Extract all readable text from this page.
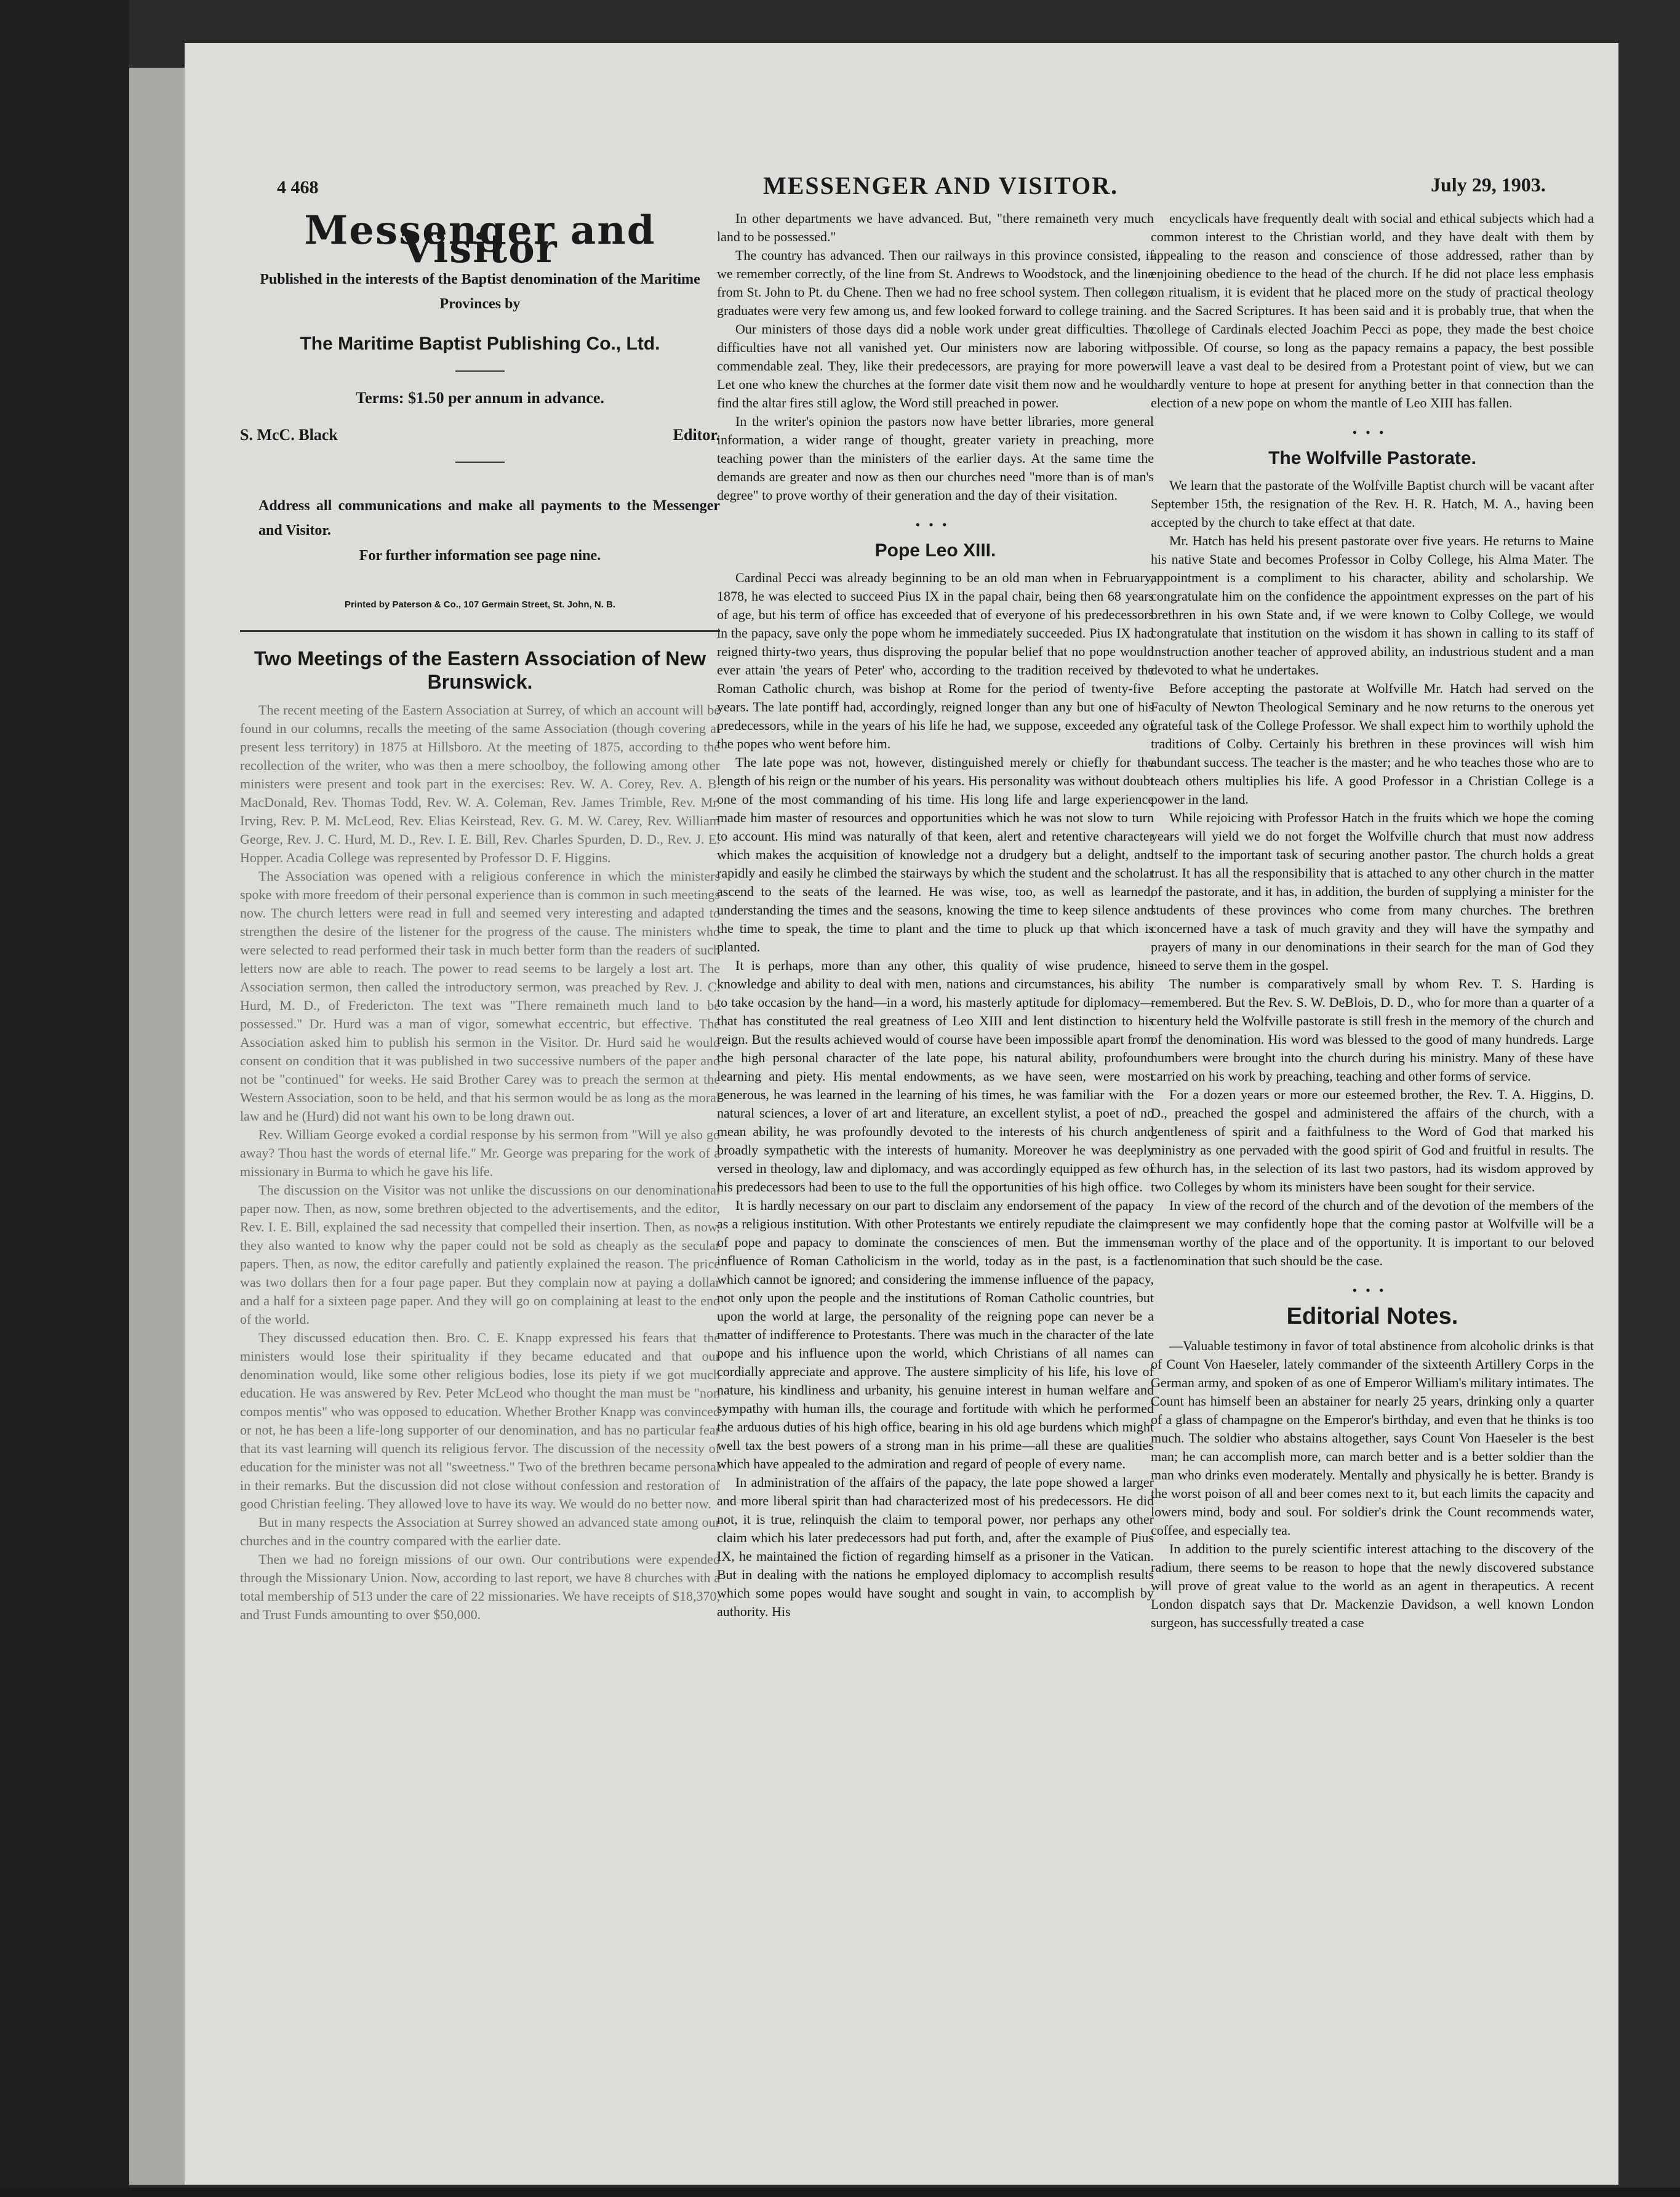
4 468	MESSENGER AND VISITOR.	July 29, 1903.
Messenger and Visitor
Published in the interests of the Baptist denomination of the Maritime Provinces by
The Maritime Baptist Publishing Co., Ltd.
Terms: $1.50 per annum in advance.
S. McC. Black	Editor.
Address all communications and make all payments to the Messenger and Visitor.
For further information see page nine.
Printed by Paterson & Co., 107 Germain Street, St. John, N. B.
Two Meetings of the Eastern Association of New Brunswick.

The recent meeting of the Eastern Association at Surrey, of which an account will be found in our columns, recalls the meeting of the same Association (though covering at present less territory) in 1875 at Hillsboro. At the meeting of 1875, according to the recollection of the writer, who was then a mere schoolboy, the following among other ministers were present and took part in the exercises: Rev. W. A. Corey, Rev. A. B. MacDonald, Rev. Thomas Todd, Rev. W. A. Coleman, Rev. James Trimble, Rev. Mr. Irving, Rev. P. M. McLeod, Rev. Elias Keirstead, Rev. G. M. W. Carey, Rev. William George, Rev. J. C. Hurd, M. D., Rev. I. E. Bill, Rev. Charles Spurden, D. D., Rev. J. E. Hopper. Acadia College was represented by Professor D. F. Higgins.

The Association was opened with a religious conference in which the ministers spoke with more freedom of their personal experience than is common in such meetings now. The church letters were read in full and seemed very interesting and adapted to strengthen the desire of the listener for the progress of the cause. The ministers who were selected to read performed their task in much better form than the readers of such letters now are able to reach. The power to read seems to be largely a lost art. The Association sermon, then called the introductory sermon, was preached by Rev. J. C. Hurd, M. D., of Fredericton. The text was "There remaineth much land to be possessed." Dr. Hurd was a man of vigor, somewhat eccentric, but effective. The Association asked him to publish his sermon in the Visitor. Dr. Hurd said he would consent on condition that it was published in two successive numbers of the paper and not be "continued" for weeks. He said Brother Carey was to preach the sermon at the Western Association, soon to be held, and that his sermon would be as long as the moral law and he (Hurd) did not want his own to be long drawn out.

Rev. William George evoked a cordial response by his sermon from "Will ye also go away? Thou hast the words of eternal life." Mr. George was preparing for the work of a missionary in Burma to which he gave his life.

The discussion on the Visitor was not unlike the discussions on our denominational paper now. Then, as now, some brethren objected to the advertisements, and the editor, Rev. I. E. Bill, explained the sad necessity that compelled their insertion. Then, as now, they also wanted to know why the paper could not be sold as cheaply as the secular papers. Then, as now, the editor carefully and patiently explained the reason. The price was two dollars then for a four page paper. But they complain now at paying a dollar and a half for a sixteen page paper. And they will go on complaining at least to the end of the world.

They discussed education then. Bro. C. E. Knapp expressed his fears that the ministers would lose their spirituality if they became educated and that our denomination would, like some other religious bodies, lose its piety if we got much education. He was answered by Rev. Peter McLeod who thought the man must be "non compos mentis" who was opposed to education. Whether Brother Knapp was convinced or not, he has been a life-long supporter of our denomination, and has no particular fear that its vast learning will quench its religious fervor. The discussion of the necessity of education for the minister was not all "sweetness." Two of the brethren became personal in their remarks. But the discussion did not close without confession and restoration of good Christian feeling. They allowed love to have its way. We would do no better now.

But in many respects the Association at Surrey showed an advanced state among our churches and in the country compared with the earlier date.

Then we had no foreign missions of our own. Our contributions were expended through the Missionary Union. Now, according to last report, we have 8 churches with a total membership of 513 under the care of 22 missionaries. We have receipts of $18,370, and Trust Funds amounting to over $50,000.

In other departments we have advanced. But, "there remaineth very much land to be possessed."

The country has advanced. Then our railways in this province consisted, if we remember correctly, of the line from St. Andrews to Woodstock, and the line from St. John to Pt. du Chene. Then we had no free school system. Then college graduates were very few among us, and few looked forward to college training.

Our ministers of those days did a noble work under great difficulties. The difficulties have not all vanished yet. Our ministers now are laboring with commendable zeal. They, like their predecessors, are praying for more power. Let one who knew the churches at the former date visit them now and he would find the altar fires still aglow, the Word still preached in power.

In the writer's opinion the pastors now have better libraries, more general information, a wider range of thought, greater variety in preaching, more teaching power than the ministers of the earlier days. At the same time the demands are greater and now as then our churches need "more than is of man's degree" to prove worthy of their generation and the day of their visitation.

•••
Pope Leo XIII.

Cardinal Pecci was already beginning to be an old man when in February, 1878, he was elected to succeed Pius IX in the papal chair, being then 68 years of age, but his term of office has exceeded that of everyone of his predecessors in the papacy, save only the pope whom he immediately succeeded. Pius IX had reigned thirty-two years, thus disproving the popular belief that no pope would ever attain 'the years of Peter' who, according to the tradition received by the Roman Catholic church, was bishop at Rome for the period of twenty-five years. The late pontiff had, accordingly, reigned longer than any but one of his predecessors, while in the years of his life he had, we suppose, exceeded any of the popes who went before him.

The late pope was not, however, distinguished merely or chiefly for the length of his reign or the number of his years. His personality was without doubt one of the most commanding of his time. His long life and large experience made him master of resources and opportunities which he was not slow to turn to account. His mind was naturally of that keen, alert and retentive character which makes the acquisition of knowledge not a drudgery but a delight, and rapidly and easily he climbed the stairways by which the student and the scholar ascend to the seats of the learned. He was wise, too, as well as learned, understanding the times and the seasons, knowing the time to keep silence and the time to speak, the time to plant and the time to pluck up that which is planted.

It is perhaps, more than any other, this quality of wise prudence, his knowledge and ability to deal with men, nations and circumstances, his ability to take occasion by the hand—in a word, his masterly aptitude for diplomacy—that has constituted the real greatness of Leo XIII and lent distinction to his reign. But the results achieved would of course have been impossible apart from the high personal character of the late pope, his natural ability, profound learning and piety. His mental endowments, as we have seen, were most generous, he was learned in the learning of his times, he was familiar with the natural sciences, a lover of art and literature, an excellent stylist, a poet of no mean ability, he was profoundly devoted to the interests of his church and broadly sympathetic with the interests of humanity. Moreover he was deeply versed in theology, law and diplomacy, and was accordingly equipped as few of his predecessors had been to use to the full the opportunities of his high office.

It is hardly necessary on our part to disclaim any endorsement of the papacy as a religious institution. With other Protestants we entirely repudiate the claims of pope and papacy to dominate the consciences of men. But the immense influence of Roman Catholicism in the world, today as in the past, is a fact which cannot be ignored; and considering the immense influence of the papacy, not only upon the people and the institutions of Roman Catholic countries, but upon the world at large, the personality of the reigning pope can never be a matter of indifference to Protestants. There was much in the character of the late pope and his influence upon the world, which Christians of all names can cordially appreciate and approve. The austere simplicity of his life, his love of nature, his kindliness and urbanity, his genuine interest in human welfare and sympathy with human ills, the courage and fortitude with which he performed the arduous duties of his high office, bearing in his old age burdens which might well tax the best powers of a strong man in his prime—all these are qualities which have appealed to the admiration and regard of people of every name.

In administration of the affairs of the papacy, the late pope showed a larger and more liberal spirit than had characterized most of his predecessors. He did not, it is true, relinquish the claim to temporal power, nor perhaps any other claim which his later predecessors had put forth, and, after the example of Pius IX, he maintained the fiction of regarding himself as a prisoner in the Vatican. But in dealing with the nations he employed diplomacy to accomplish results which some popes would have sought and sought in vain, to accomplish by authority. His

encyclicals have frequently dealt with social and ethical subjects which had a common interest to the Christian world, and they have dealt with them by appealing to the reason and conscience of those addressed, rather than by enjoining obedience to the head of the church. If he did not place less emphasis on ritualism, it is evident that he placed more on the study of practical theology and the Sacred Scriptures. It has been said and it is probably true, that when the college of Cardinals elected Joachim Pecci as pope, they made the best choice possible. Of course, so long as the papacy remains a papacy, the best possible will leave a vast deal to be desired from a Protestant point of view, but we can hardly venture to hope at present for anything better in that connection than the election of a new pope on whom the mantle of Leo XIII has fallen.

•••
The Wolfville Pastorate.

We learn that the pastorate of the Wolfville Baptist church will be vacant after September 15th, the resignation of the Rev. H. R. Hatch, M. A., having been accepted by the church to take effect at that date.

Mr. Hatch has held his present pastorate over five years. He returns to Maine his native State and becomes Professor in Colby College, his Alma Mater. The appointment is a compliment to his character, ability and scholarship. We congratulate him on the confidence the appointment expresses on the part of his brethren in his own State and, if we were known to Colby College, we would congratulate that institution on the wisdom it has shown in calling to its staff of instruction another teacher of approved ability, an industrious student and a man devoted to what he undertakes.

Before accepting the pastorate at Wolfville Mr. Hatch had served on the Faculty of Newton Theological Seminary and he now returns to the onerous yet grateful task of the College Professor. We shall expect him to worthily uphold the traditions of Colby. Certainly his brethren in these provinces will wish him abundant success. The teacher is the master; and he who teaches those who are to teach others multiplies his life. A good Professor in a Christian College is a power in the land.

While rejoicing with Professor Hatch in the fruits which we hope the coming years will yield we do not forget the Wolfville church that must now address itself to the important task of securing another pastor. The church holds a great trust. It has all the responsibility that is attached to any other church in the matter of the pastorate, and it has, in addition, the burden of supplying a minister for the students of these provinces who come from many churches. The brethren concerned have a task of much gravity and they will have the sympathy and prayers of many in our denominations in their search for the man of God they need to serve them in the gospel.

The number is comparatively small by whom Rev. T. S. Harding is remembered. But the Rev. S. W. DeBlois, D. D., who for more than a quarter of a century held the Wolfville pastorate is still fresh in the memory of the church and of the denomination. His word was blessed to the good of many hundreds. Large numbers were brought into the church during his ministry. Many of these have carried on his work by preaching, teaching and other forms of service.

For a dozen years or more our esteemed brother, the Rev. T. A. Higgins, D. D., preached the gospel and administered the affairs of the church, with a gentleness of spirit and a faithfulness to the Word of God that marked his ministry as one pervaded with the good spirit of God and fruitful in results. The church has, in the selection of its last two pastors, had its wisdom approved by two Colleges by whom its ministers have been sought for their service.

In view of the record of the church and of the devotion of the members of the present we may confidently hope that the coming pastor at Wolfville will be a man worthy of the place and of the opportunity. It is important to our beloved denomination that such should be the case.

•••
Editorial Notes.

—Valuable testimony in favor of total abstinence from alcoholic drinks is that of Count Von Haeseler, lately commander of the sixteenth Artillery Corps in the German army, and spoken of as one of Emperor William's military intimates. The Count has himself been an abstainer for nearly 25 years, drinking only a quarter of a glass of champagne on the Emperor's birthday, and even that he thinks is too much. The soldier who abstains altogether, says Count Von Haeseler is the best man; he can accomplish more, can march better and is a better soldier than the man who drinks even moderately. Mentally and physically he is better. Brandy is the worst poison of all and beer comes next to it, but each limits the capacity and lowers mind, body and soul. For soldier's drink the Count recommends water, coffee, and especially tea.

In addition to the purely scientific interest attaching to the discovery of the radium, there seems to be reason to hope that the newly discovered substance will prove of great value to the world as an agent in therapeutics. A recent London dispatch says that Dr. Mackenzie Davidson, a well known London surgeon, has successfully treated a case
